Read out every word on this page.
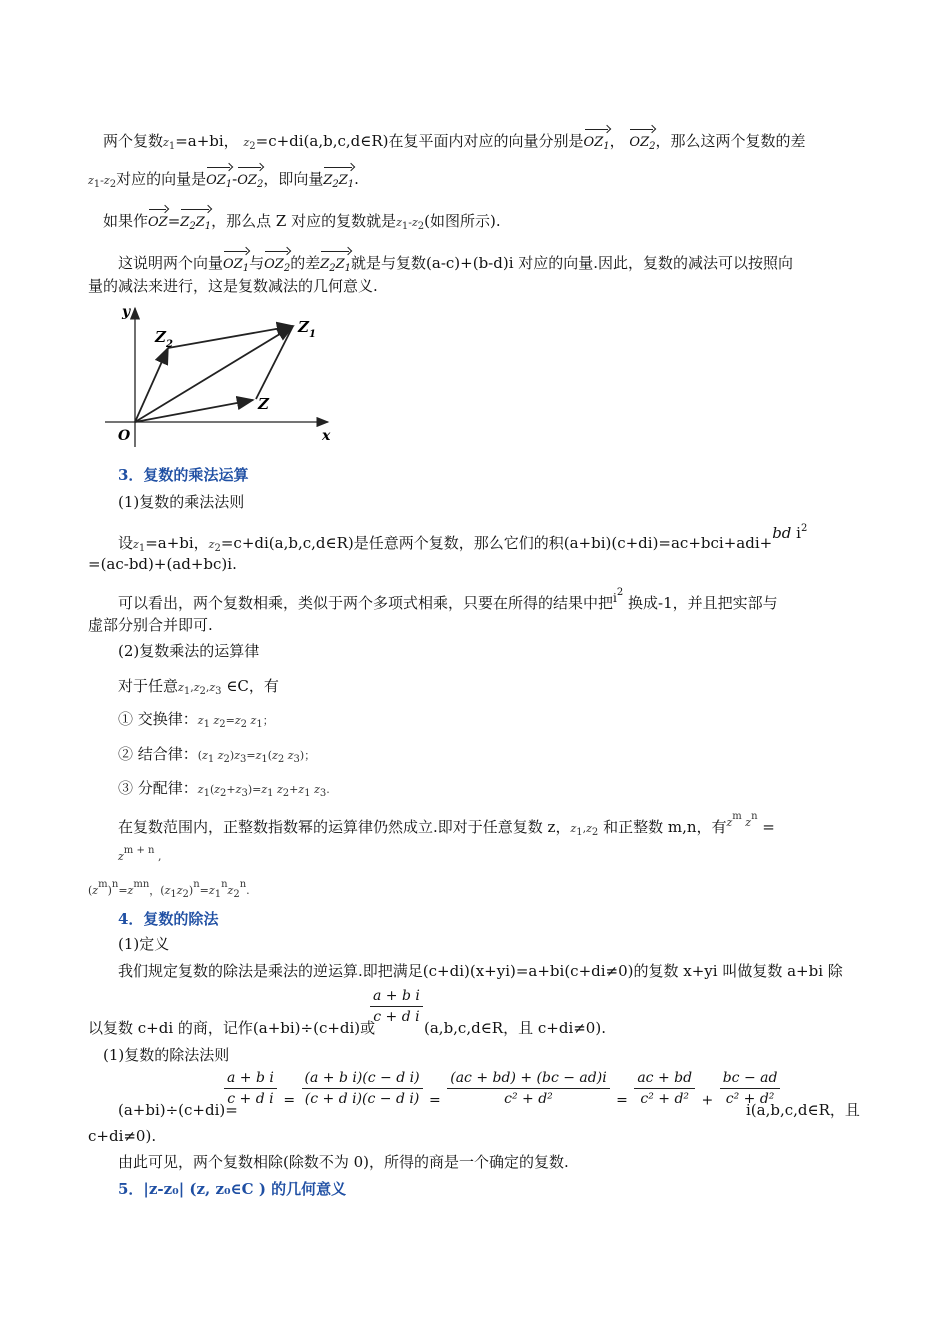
两个复数z1=a+bi， z2=c+di(a,b,c,d∈R)在复平面内对应的向量分别是$OZ_1$， $OZ_2$，那么这两个复数的差
z1-z2对应的向量是$OZ_1-OZ_2$，即向量$Z_2Z_1$.
如果作$OZ=Z_2Z_1$，那么点 Z 对应的复数就是z1-z2(如图所示).
这说明两个向量$OZ_1$与$OZ_2$的差$Z_2Z_1$就是与复数(a-c)+(b-d)i 对应的向量.因此，复数的减法可以按照向
量的减法来进行，这是复数减法的几何意义.
y
x
O
$Z_2$
$Z_1$
Z
3．复数的乘法运算
(1)复数的乘法法则
设z1=a+bi，z2=c+di(a,b,c,d∈R)是任意两个复数，那么它们的积(a+bi)(c+di)=ac+bci+adi+bd $i^2$
=(ac-bd)+(ad+bc)i.
可以看出，两个复数相乘，类似于两个多项式相乘，只要在所得的结果中把$^{i^2}$ 换成-1，并且把实部与
虚部分别合并即可.
(2)复数乘法的运算律
对于任意z1,z2,z3 ∈C，有
① 交换律：z1 z2=z2 z1；
② 结合律：(z1 z2)z3=z1(z2 z3)；
③ 分配律：z1(z2+z3)=z1 z2+z1 z3.
在复数范围内，正整数指数幂的运算律仍然成立.即对于任意复数 z，z1,z2 和正整数 m,n，有$^{zm zn}$ =
zm + n ,
(zm)n=zmn，(z1z2)n=z1nz2n.
4．复数的除法
(1)定义
我们规定复数的除法是乘法的逆运算.即把满足(c+di)(x+yi)=a+bi(c+di≠0)的复数 x+yi 叫做复数 a+bi 除
以复数 c+di 的商，记作(a+bi)÷(c+di)或
$\frac{\text{a + b i}}{\text{c + d i}}$
(a,b,c,d∈R，且 c+di≠0).
(1)复数的除法法则
(a+bi)÷(c+di)=
$\frac{\text{a + b i}}{\text{c + d i}} = \frac{\text{(a + b i)(c − d i)}}{\text{(c + d i)(c − d i)}} = \frac{(ac + bd) + (bc - ad)i}{\text{c² + d²}} = \frac{ac + bd}{\text{c² + d²}} + \frac{bc - ad}{\text{c² + d²}}$
i(a,b,c,d∈R，且
c+di≠0).
由此可见，两个复数相除(除数不为 0)，所得的商是一个确定的复数.
5．|z-z₀| (z, z₀∈C ) 的几何意义
